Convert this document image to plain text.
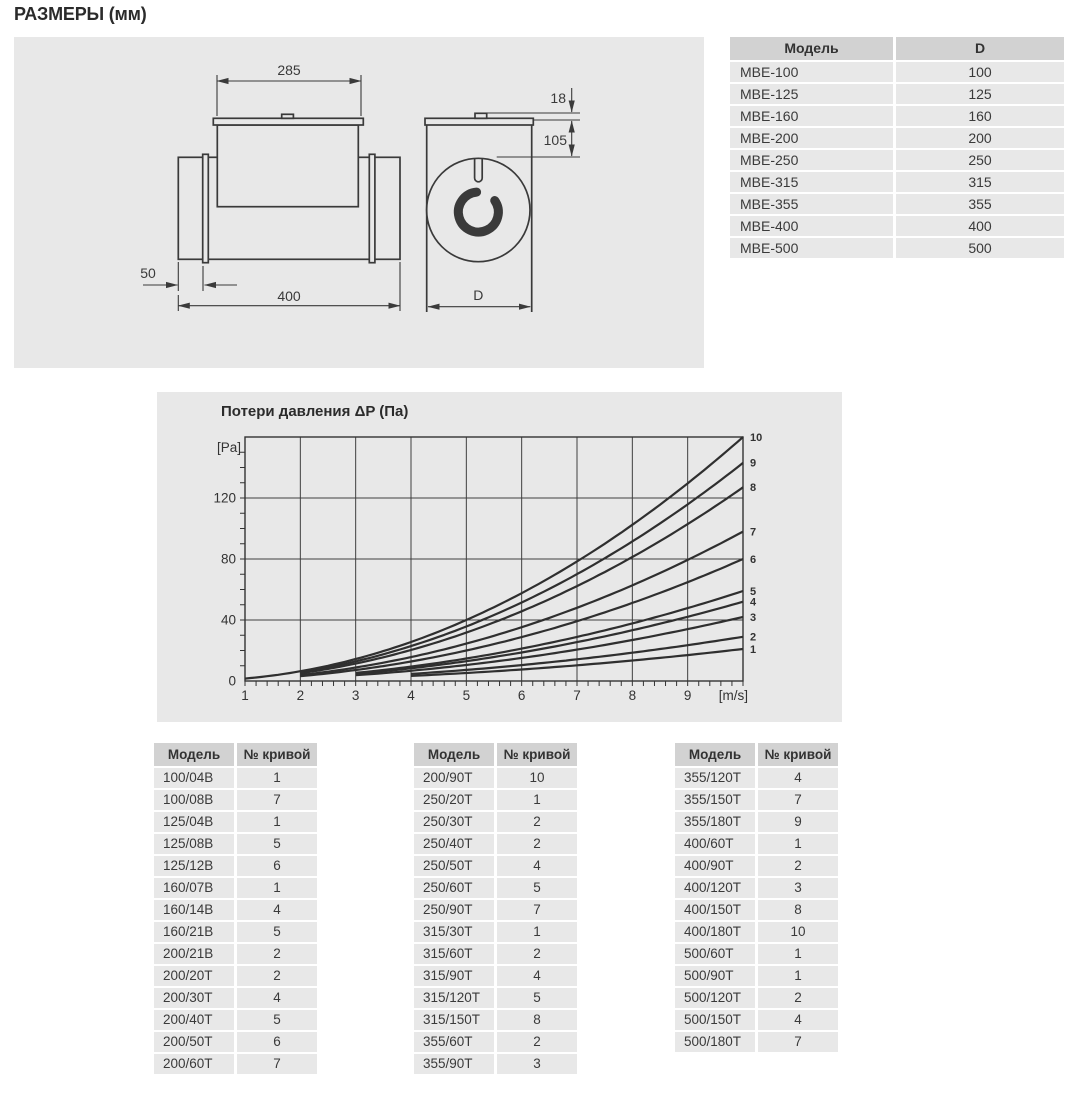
РАЗМЕРЫ (мм)
285
50
400
18
105
D
Модель	D
МВЕ-100	100
МВЕ-125	125
МВЕ-160	160
МВЕ-200	200
МВЕ-250	250
МВЕ-315	315
МВЕ-355	355
МВЕ-400	400
МВЕ-500	500
Потери давления ΔP (Па)
1
2
3
4
5
6
7
8
9
10
1	2	3	4	5	6	7	8	9
0
40
80
120
[Pa]
[m/s]
Модель	№ кривой
100/04B	1
100/08B	7
125/04B	1
125/08B	5
125/12B	6
160/07B	1
160/14B	4
160/21B	5
200/21B	2
200/20T	2
200/30T	4
200/40T	5
200/50T	6
200/60T	7
Модель	№ кривой
200/90T	10
250/20T	1
250/30T	2
250/40T	2
250/50T	4
250/60T	5
250/90T	7
315/30T	1
315/60T	2
315/90T	4
315/120T	5
315/150T	8
355/60T	2
355/90T	3
Модель	№ кривой
355/120T	4
355/150T	7
355/180T	9
400/60T	1
400/90T	2
400/120T	3
400/150T	8
400/180T	10
500/60T	1
500/90T	1
500/120T	2
500/150T	4
500/180T	7
